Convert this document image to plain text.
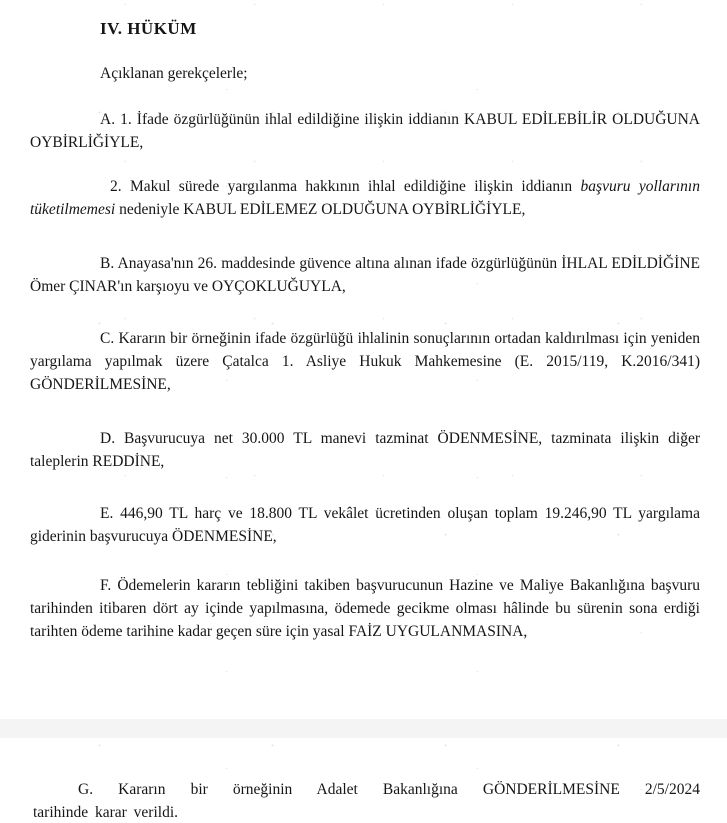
IV. HÜKÜM

Açıklanan gerekçelerle;

A. 1. İfade özgürlüğünün ihlal edildiğine ilişkin iddianın KABUL EDİLEBİLİR OLDUĞUNA OYBİRLİĞİYLE,

2. Makul sürede yargılanma hakkının ihlal edildiğine ilişkin iddianın başvuru yollarının tüketilmemesi nedeniyle KABUL EDİLEMEZ OLDUĞUNA OYBİRLİĞİYLE,

B. Anayasa'nın 26. maddesinde güvence altına alınan ifade özgürlüğünün İHLAL EDİLDİĞİNE Ömer ÇINAR'ın karşıoyu ve OYÇOKLUĞUYLA,

C. Kararın bir örneğinin ifade özgürlüğü ihlalinin sonuçlarının ortadan kaldırılması için yeniden yargılama yapılmak üzere Çatalca 1. Asliye Hukuk Mahkemesine (E. 2015/119, K.2016/341) GÖNDERİLMESİNE,

D. Başvurucuya net 30.000 TL manevi tazminat ÖDENMESİNE, tazminata ilişkin diğer taleplerin REDDİNE,

E. 446,90 TL harç ve 18.800 TL vekâlet ücretinden oluşan toplam 19.246,90 TL yargılama giderinin başvurucuya ÖDENMESİNE,

F. Ödemelerin kararın tebliğini takiben başvurucunun Hazine ve Maliye Bakanlığına başvuru tarihinden itibaren dört ay içinde yapılmasına, ödemede gecikme olması hâlinde bu sürenin sona erdiği tarihten ödeme tarihine kadar geçen süre için yasal FAİZ UYGULANMASINA,

G. Kararın bir örneğinin Adalet Bakanlığına GÖNDERİLMESİNE 2/5/2024
tarihinde karar verildi.
